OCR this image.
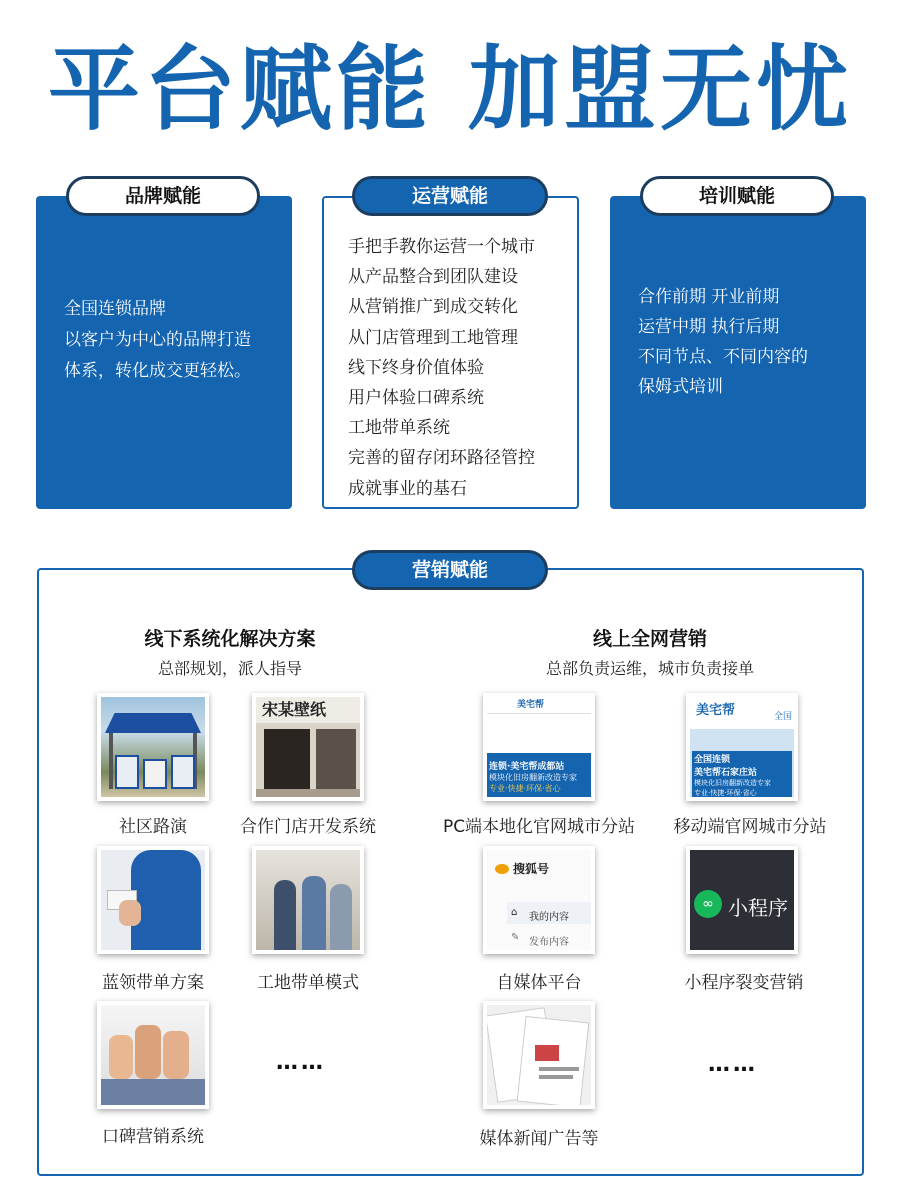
平台赋能 加盟无忧
全国连锁品牌
以客户为中心的品牌打造
体系，转化成交更轻松。
品牌赋能
手把手教你运营一个城市
从产品整合到团队建设
从营销推广到成交转化
从门店管理到工地管理
线下终身价值体验
用户体验口碑系统
工地带单系统
完善的留存闭环路径管控
成就事业的基石
运营赋能
合作前期 开业前期
运营中期 执行后期
不同节点、不同内容的
保姆式培训
培训赋能
营销赋能
线下系统化解决方案
总部规划，派人指导
线上全网营销
总部负责运维，城市负责接单
社区路演
宋某壁纸
合作门店开发系统
美宅帮
连锁·美宅帮成都站
模块化旧房翻新改造专家
专业·快捷·环保·省心
PC端本地化官网城市分站
美宅帮	全国
全国连锁
美宅帮石家庄站
模块化旧房翻新改造专家
专业·快捷·环保·省心
移动端官网城市分站
蓝领带单方案	工地带单模式
搜狐号
⌂ 我的内容
✎ 发布内容
自媒体平台
∞ 小程序
小程序裂变营销
口碑营销系统
……
媒体新闻广告等
……
